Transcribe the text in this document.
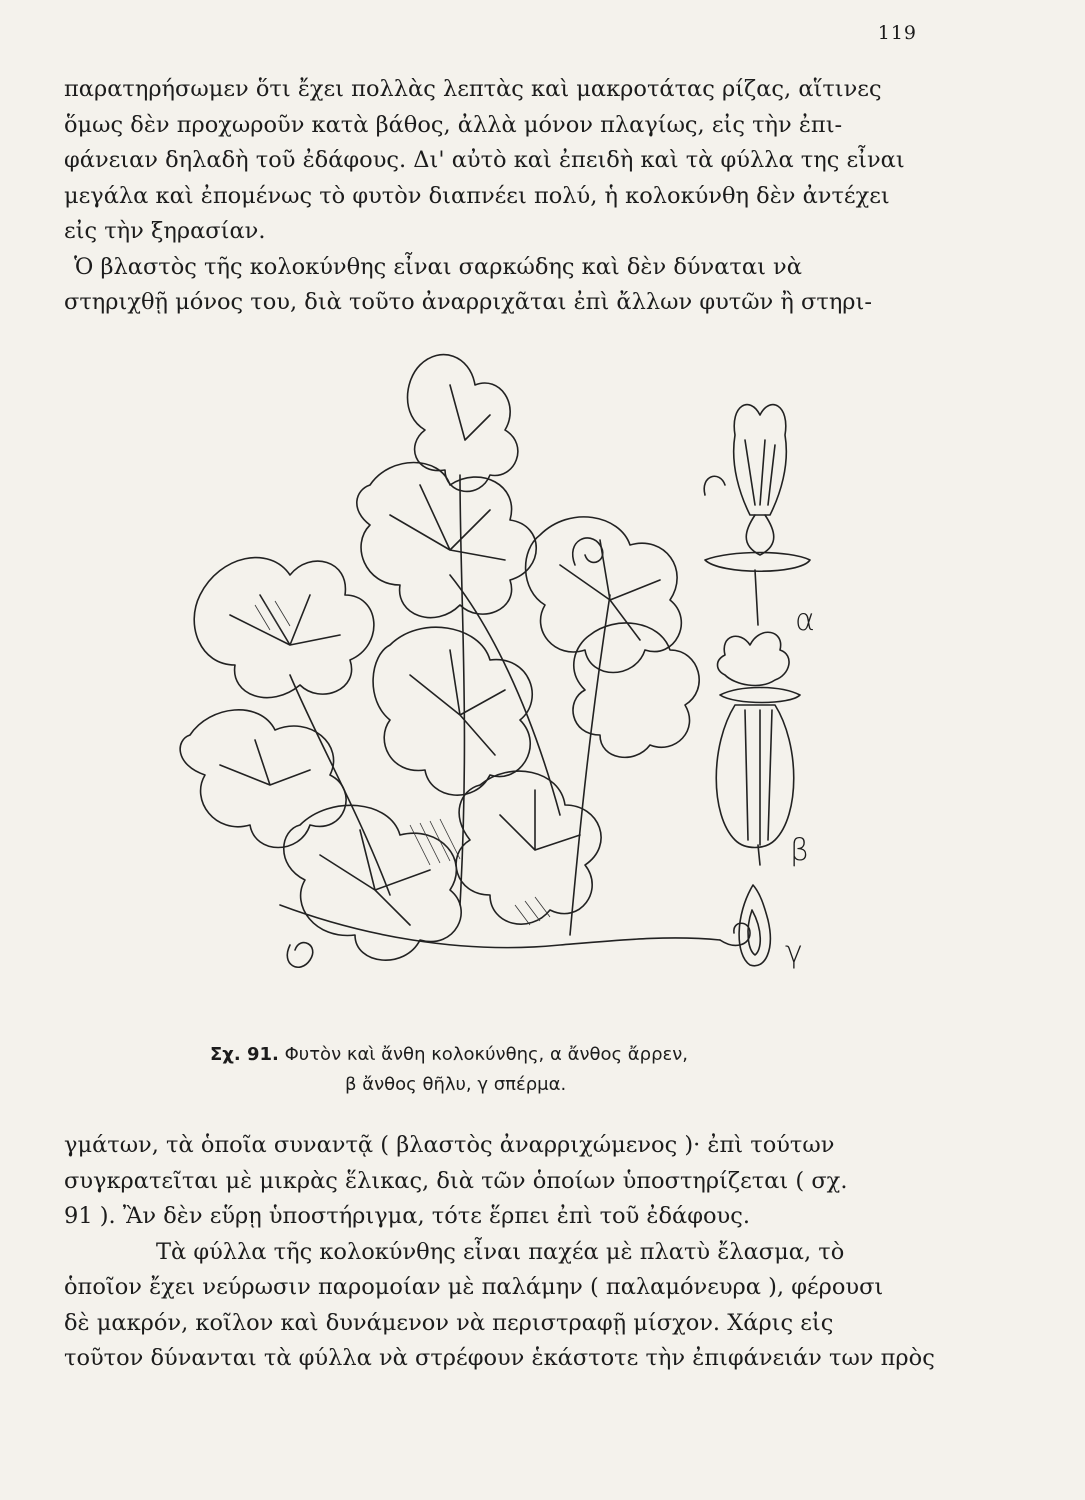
119
παρατηρήσωμεν ὅτι ἔχει πολλὰς λεπτὰς καὶ μακροτάτας ρίζας, αἵτινες
ὅμως δὲν προχωροῦν κατὰ βάθος, ἀλλὰ μόνον πλαγίως, εἰς τὴν ἐπι-
φάνειαν δηλαδὴ τοῦ ἐδάφους. Δι' αὐτὸ καὶ ἐπειδὴ καὶ τὰ φύλλα της εἶναι
μεγάλα καὶ ἐπομένως τὸ φυτὸν διαπνέει πολύ, ἡ κολοκύνθη δὲν ἀντέχει
εἰς τὴν ξηρασίαν.
Ὁ βλαστὸς τῆς κολοκύνθης εἶναι σαρκώδης καὶ δὲν δύναται νὰ
στηριχθῇ μόνος του, διὰ τοῦτο ἀναρριχᾶται ἐπὶ ἄλλων φυτῶν ἢ στηρι-
α
β
γ
Σχ. 91. Φυτὸν καὶ ἄνθη κολοκύνθης, α ἄνθος ἄρρεν,
β ἄνθος θῆλυ, γ σπέρμα.
γμάτων, τὰ ὁποῖα συναντᾷ ( βλαστὸς ἀναρριχώμενος )· ἐπὶ τούτων
συγκρατεῖται μὲ μικρὰς ἕλικας, διὰ τῶν ὁποίων ὑποστηρίζεται ( σχ.
91 ). Ἂν δὲν εὕρῃ ὑποστήριγμα, τότε ἕρπει ἐπὶ τοῦ ἐδάφους.
Τὰ φύλλα τῆς κολοκύνθης εἶναι παχέα μὲ πλατὺ ἔλασμα, τὸ
ὁποῖον ἔχει νεύρωσιν παρομοίαν μὲ παλάμην ( παλαμόνευρα ), φέρουσι
δὲ μακρόν, κοῖλον καὶ δυνάμενον νὰ περιστραφῇ μίσχον. Χάρις εἰς
τοῦτον δύνανται τὰ φύλλα νὰ στρέφουν ἑκάστοτε τὴν ἐπιφάνειάν των πρὸς
